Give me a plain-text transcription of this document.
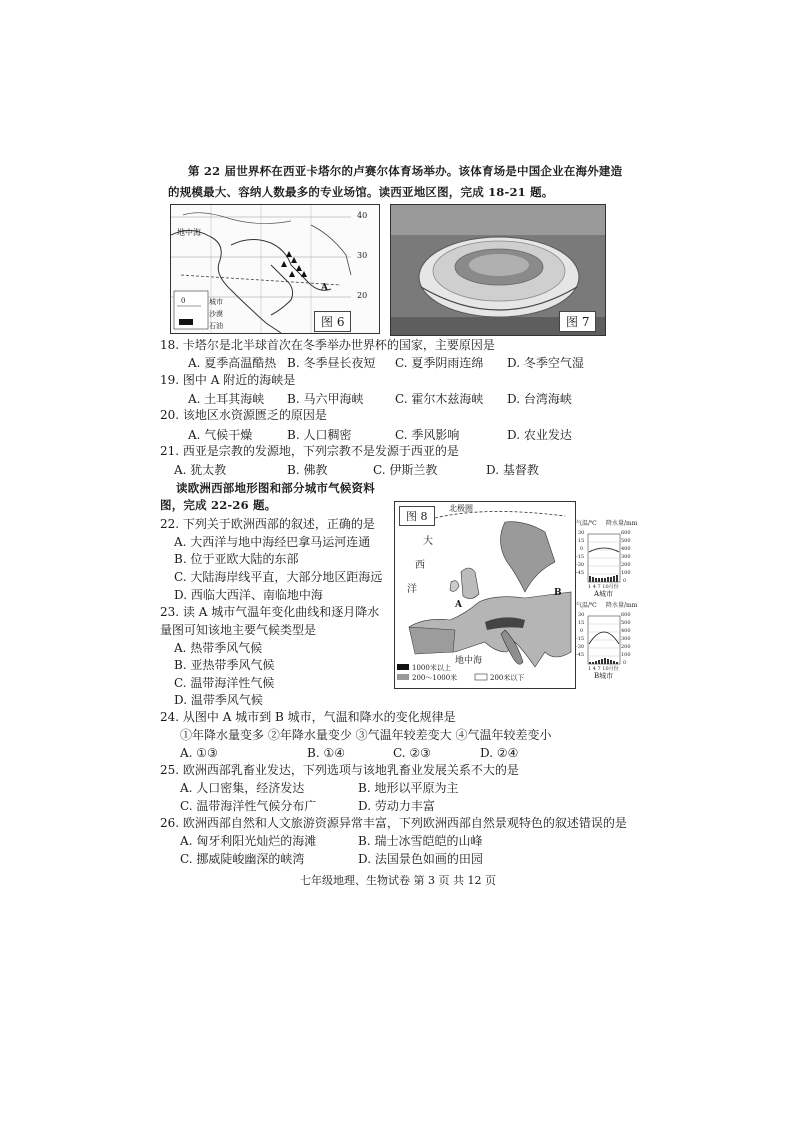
第 22 届世界杯在西亚卡塔尔的卢赛尔体育场举办。该体育场是中国企业在海外建造
的规模最大、容纳人数最多的专业场馆。读西亚地区图，完成 18-21 题。
地中海
A
40
30
20
0	城市
沙漠
石油	图 6	图 7
18. 卡塔尔是北半球首次在冬季举办世界杯的国家，主要原因是
A. 夏季高温酷热 B. 冬季昼长夜短 C. 夏季阴雨连绵 D. 冬季空气湿
19. 图中 A 附近的海峡是
A. 土耳其海峡 B. 马六甲海峡	C. 霍尔木兹海峡 D. 台湾海峡
20. 该地区水资源匮乏的原因是
A. 气候干燥	B. 人口稠密	C. 季风影响	D. 农业发达
21. 西亚是宗教的发源地，下列宗教不是发源于西亚的是
A. 犹太教	B. 佛教	C. 伊斯兰教	D. 基督教
读欧洲西部地形图和部分城市气候资料
图，完成 22-26 题。
22. 下列关于欧洲西部的叙述，正确的是
A. 大西洋与地中海经巴拿马运河连通
B. 位于亚欧大陆的东部
C. 大陆海岸线平直，大部分地区距海远
D. 西临大西洋、南临地中海
23. 读 A 城市气温年变化曲线和逐月降水
量图可知该地主要气候类型是
A. 热带季风气候
B. 亚热带季风气候
C. 温带海洋性气候
D. 温带季风气候
图 8
北极圈
大
西
洋
地中海
A
B
1000米以上
200～1000米	200米以下
气温/℃ 降水量/mm
30
15
0
-15
-30
-45
600
500
400
300
200
100
0
1 4 7 10月份
A城市
气温/℃ 降水量/mm
30
15
0
-15
-30
-45
600
500
400
300
200
100
0
1 4 7 10月份
B城市
24. 从图中 A 城市到 B 城市，气温和降水的变化规律是
①年降水量变多 ②年降水量变少 ③气温年较差变大 ④气温年较差变小
A. ①③	B. ①④	C. ②③	D. ②④
25. 欧洲西部乳畜业发达，下列选项与该地乳畜业发展关系不大的是
A. 人口密集，经济发达	B. 地形以平原为主
C. 温带海洋性气候分布广	D. 劳动力丰富
26. 欧洲西部自然和人文旅游资源异常丰富，下列欧洲西部自然景观特色的叙述错误的是
A. 匈牙利阳光灿烂的海滩	B. 瑞士冰雪皑皑的山峰
C. 挪威陡峻幽深的峡湾	D. 法国景色如画的田园
七年级地理、生物试卷 第 3 页 共 12 页
